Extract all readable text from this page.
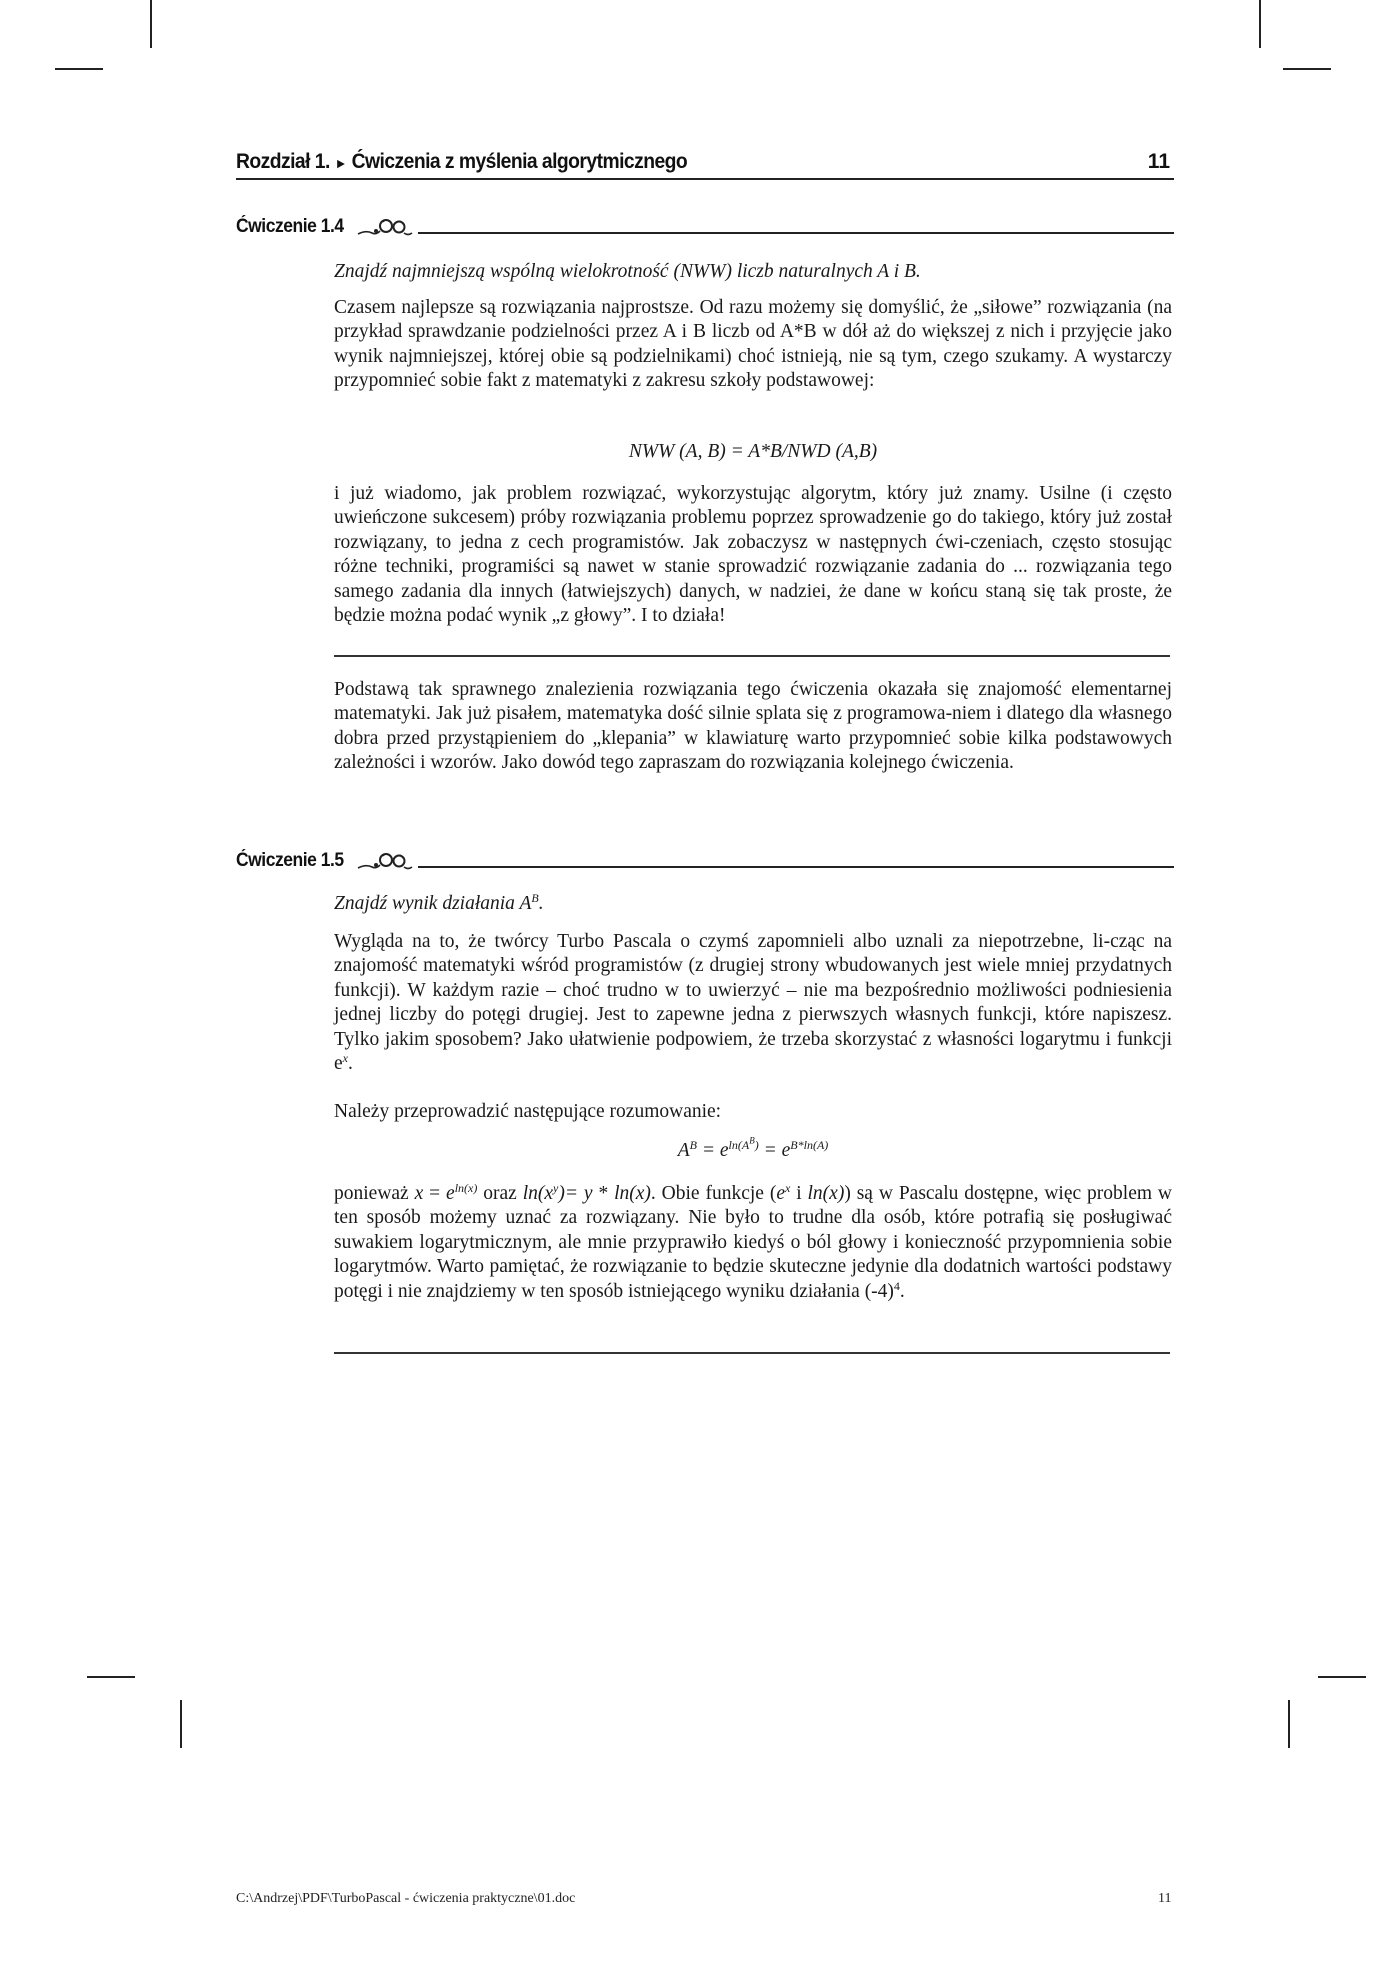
Rozdział 1. ► Ćwiczenia z myślenia algorytmicznego	11
Ćwiczenie 1.4

Znajdź najmniejszą wspólną wielokrotność (NWW) liczb naturalnych A i B.

Czasem najlepsze są rozwiązania najprostsze. Od razu możemy się domyślić, że „siłowe” rozwiązania (na przykład sprawdzanie podzielności przez A i B liczb od A*B w dół aż do większej z nich i przyjęcie jako wynik najmniejszej, której obie są podzielnikami) choć istnieją, nie są tym, czego szukamy. A wystarczy przypomnieć sobie fakt z matematyki z zakresu szkoły podstawowej:

NWW (A, B) = A*B/NWD (A,B)

i już wiadomo, jak problem rozwiązać, wykorzystując algorytm, który już znamy. Usilne (i często uwieńczone sukcesem) próby rozwiązania problemu poprzez sprowadzenie go do takiego, który już został rozwiązany, to jedna z cech programistów. Jak zobaczysz w następnych ćwi-czeniach, często stosując różne techniki, programiści są nawet w stanie sprowadzić rozwiązanie zadania do ... rozwiązania tego samego zadania dla innych (łatwiejszych) danych, w nadziei, że dane w końcu staną się tak proste, że będzie można podać wynik „z głowy”. I to działa!

Podstawą tak sprawnego znalezienia rozwiązania tego ćwiczenia okazała się znajomość elementarnej matematyki. Jak już pisałem, matematyka dość silnie splata się z programowa-niem i dlatego dla własnego dobra przed przystąpieniem do „klepania” w klawiaturę warto przypomnieć sobie kilka podstawowych zależności i wzorów. Jako dowód tego zapraszam do rozwiązania kolejnego ćwiczenia.

Ćwiczenie 1.5

Znajdź wynik działania $A^B$.

Wygląda na to, że twórcy Turbo Pascala o czymś zapomnieli albo uznali za niepotrzebne, li-cząc na znajomość matematyki wśród programistów (z drugiej strony wbudowanych jest wiele mniej przydatnych funkcji). W każdym razie – choć trudno w to uwierzyć – nie ma bezpośrednio możliwości podniesienia jednej liczby do potęgi drugiej. Jest to zapewne jedna z pierwszych własnych funkcji, które napiszesz. Tylko jakim sposobem? Jako ułatwienie podpowiem, że trzeba skorzystać z własności logarytmu i funkcji $e^x$.

Należy przeprowadzić następujące rozumowanie:

$A^B = e^{ln(A^B)} = e^{B*ln(A)}$

ponieważ $x = e^{ln(x)}$ oraz $\ln(x^y)= y * \ln(x)$. Obie funkcje ($e^x$ i ln(x)) są w Pascalu dostępne, więc problem w ten sposób możemy uznać za rozwiązany. Nie było to trudne dla osób, które potrafią się posługiwać suwakiem logarytmicznym, ale mnie przyprawiło kiedyś o ból głowy i konieczność przypomnienia sobie logarytmów. Warto pamiętać, że rozwiązanie to będzie skuteczne jedynie dla dodatnich wartości podstawy potęgi i nie znajdziemy w ten sposób istniejącego wyniku działania $(-4)^4$.

C:\Andrzej\PDF\TurboPascal - ćwiczenia praktyczne\01.doc	11
